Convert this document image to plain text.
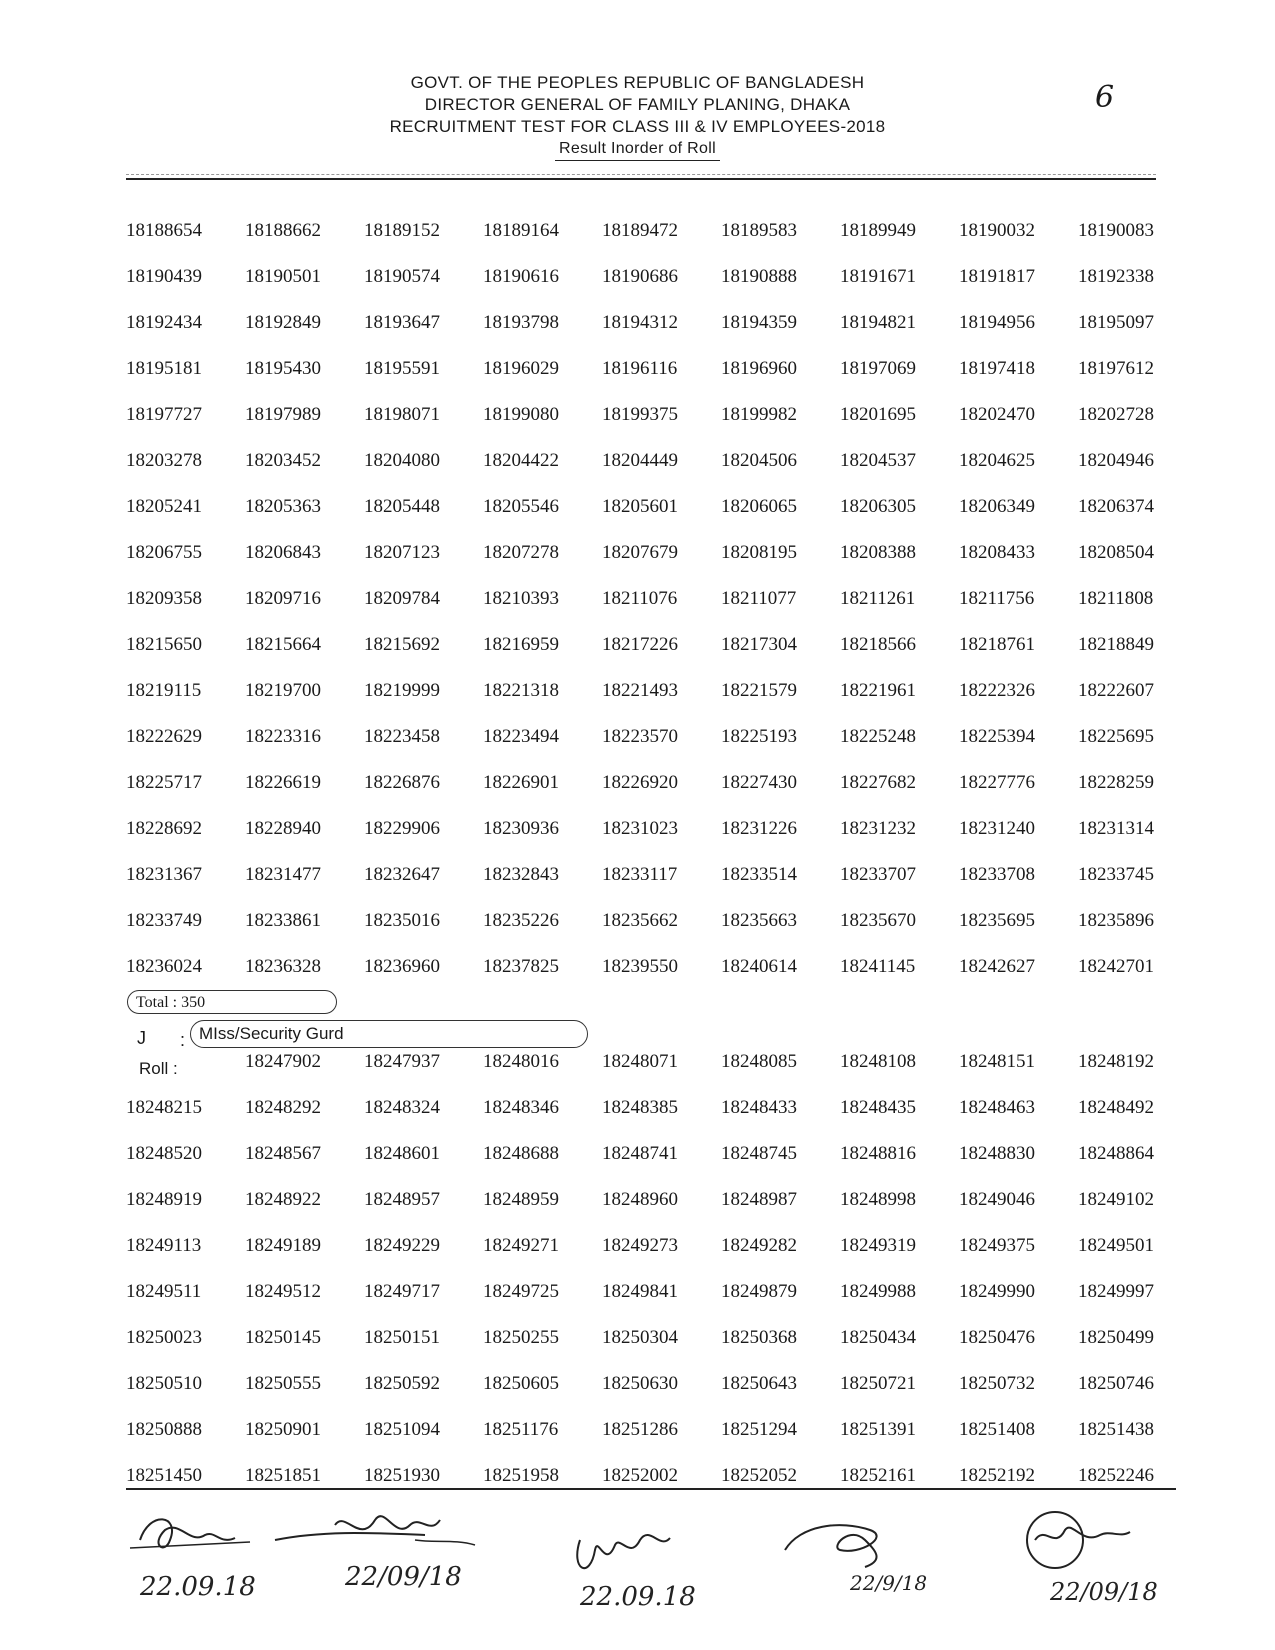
GOVT. OF THE PEOPLES REPUBLIC OF BANGLADESH
DIRECTOR GENERAL OF FAMILY PLANING, DHAKA
RECRUITMENT TEST FOR CLASS III & IV EMPLOYEES-2018
Result Inorder of Roll
6
18188654	18188662	18189152	18189164	18189472	18189583	18189949	18190032	18190083
18190439	18190501	18190574	18190616	18190686	18190888	18191671	18191817	18192338
18192434	18192849	18193647	18193798	18194312	18194359	18194821	18194956	18195097
18195181	18195430	18195591	18196029	18196116	18196960	18197069	18197418	18197612
18197727	18197989	18198071	18199080	18199375	18199982	18201695	18202470	18202728
18203278	18203452	18204080	18204422	18204449	18204506	18204537	18204625	18204946
18205241	18205363	18205448	18205546	18205601	18206065	18206305	18206349	18206374
18206755	18206843	18207123	18207278	18207679	18208195	18208388	18208433	18208504
18209358	18209716	18209784	18210393	18211076	18211077	18211261	18211756	18211808
18215650	18215664	18215692	18216959	18217226	18217304	18218566	18218761	18218849
18219115	18219700	18219999	18221318	18221493	18221579	18221961	18222326	18222607
18222629	18223316	18223458	18223494	18223570	18225193	18225248	18225394	18225695
18225717	18226619	18226876	18226901	18226920	18227430	18227682	18227776	18228259
18228692	18228940	18229906	18230936	18231023	18231226	18231232	18231240	18231314
18231367	18231477	18232647	18232843	18233117	18233514	18233707	18233708	18233745
18233749	18233861	18235016	18235226	18235662	18235663	18235670	18235695	18235896
18236024	18236328	18236960	18237825	18239550	18240614	18241145	18242627	18242701
Total : 350
J : MIss/Security Gurd
Roll :	18247902	18247937	18248016	18248071	18248085	18248108	18248151	18248192
18248215	18248292	18248324	18248346	18248385	18248433	18248435	18248463	18248492
18248520	18248567	18248601	18248688	18248741	18248745	18248816	18248830	18248864
18248919	18248922	18248957	18248959	18248960	18248987	18248998	18249046	18249102
18249113	18249189	18249229	18249271	18249273	18249282	18249319	18249375	18249501
18249511	18249512	18249717	18249725	18249841	18249879	18249988	18249990	18249997
18250023	18250145	18250151	18250255	18250304	18250368	18250434	18250476	18250499
18250510	18250555	18250592	18250605	18250630	18250643	18250721	18250732	18250746
18250888	18250901	18251094	18251176	18251286	18251294	18251391	18251408	18251438
18251450	18251851	18251930	18251958	18252002	18252052	18252161	18252192	18252246
22.09.18	22/09/18
22.09.18	22/9/18	22/09/18
